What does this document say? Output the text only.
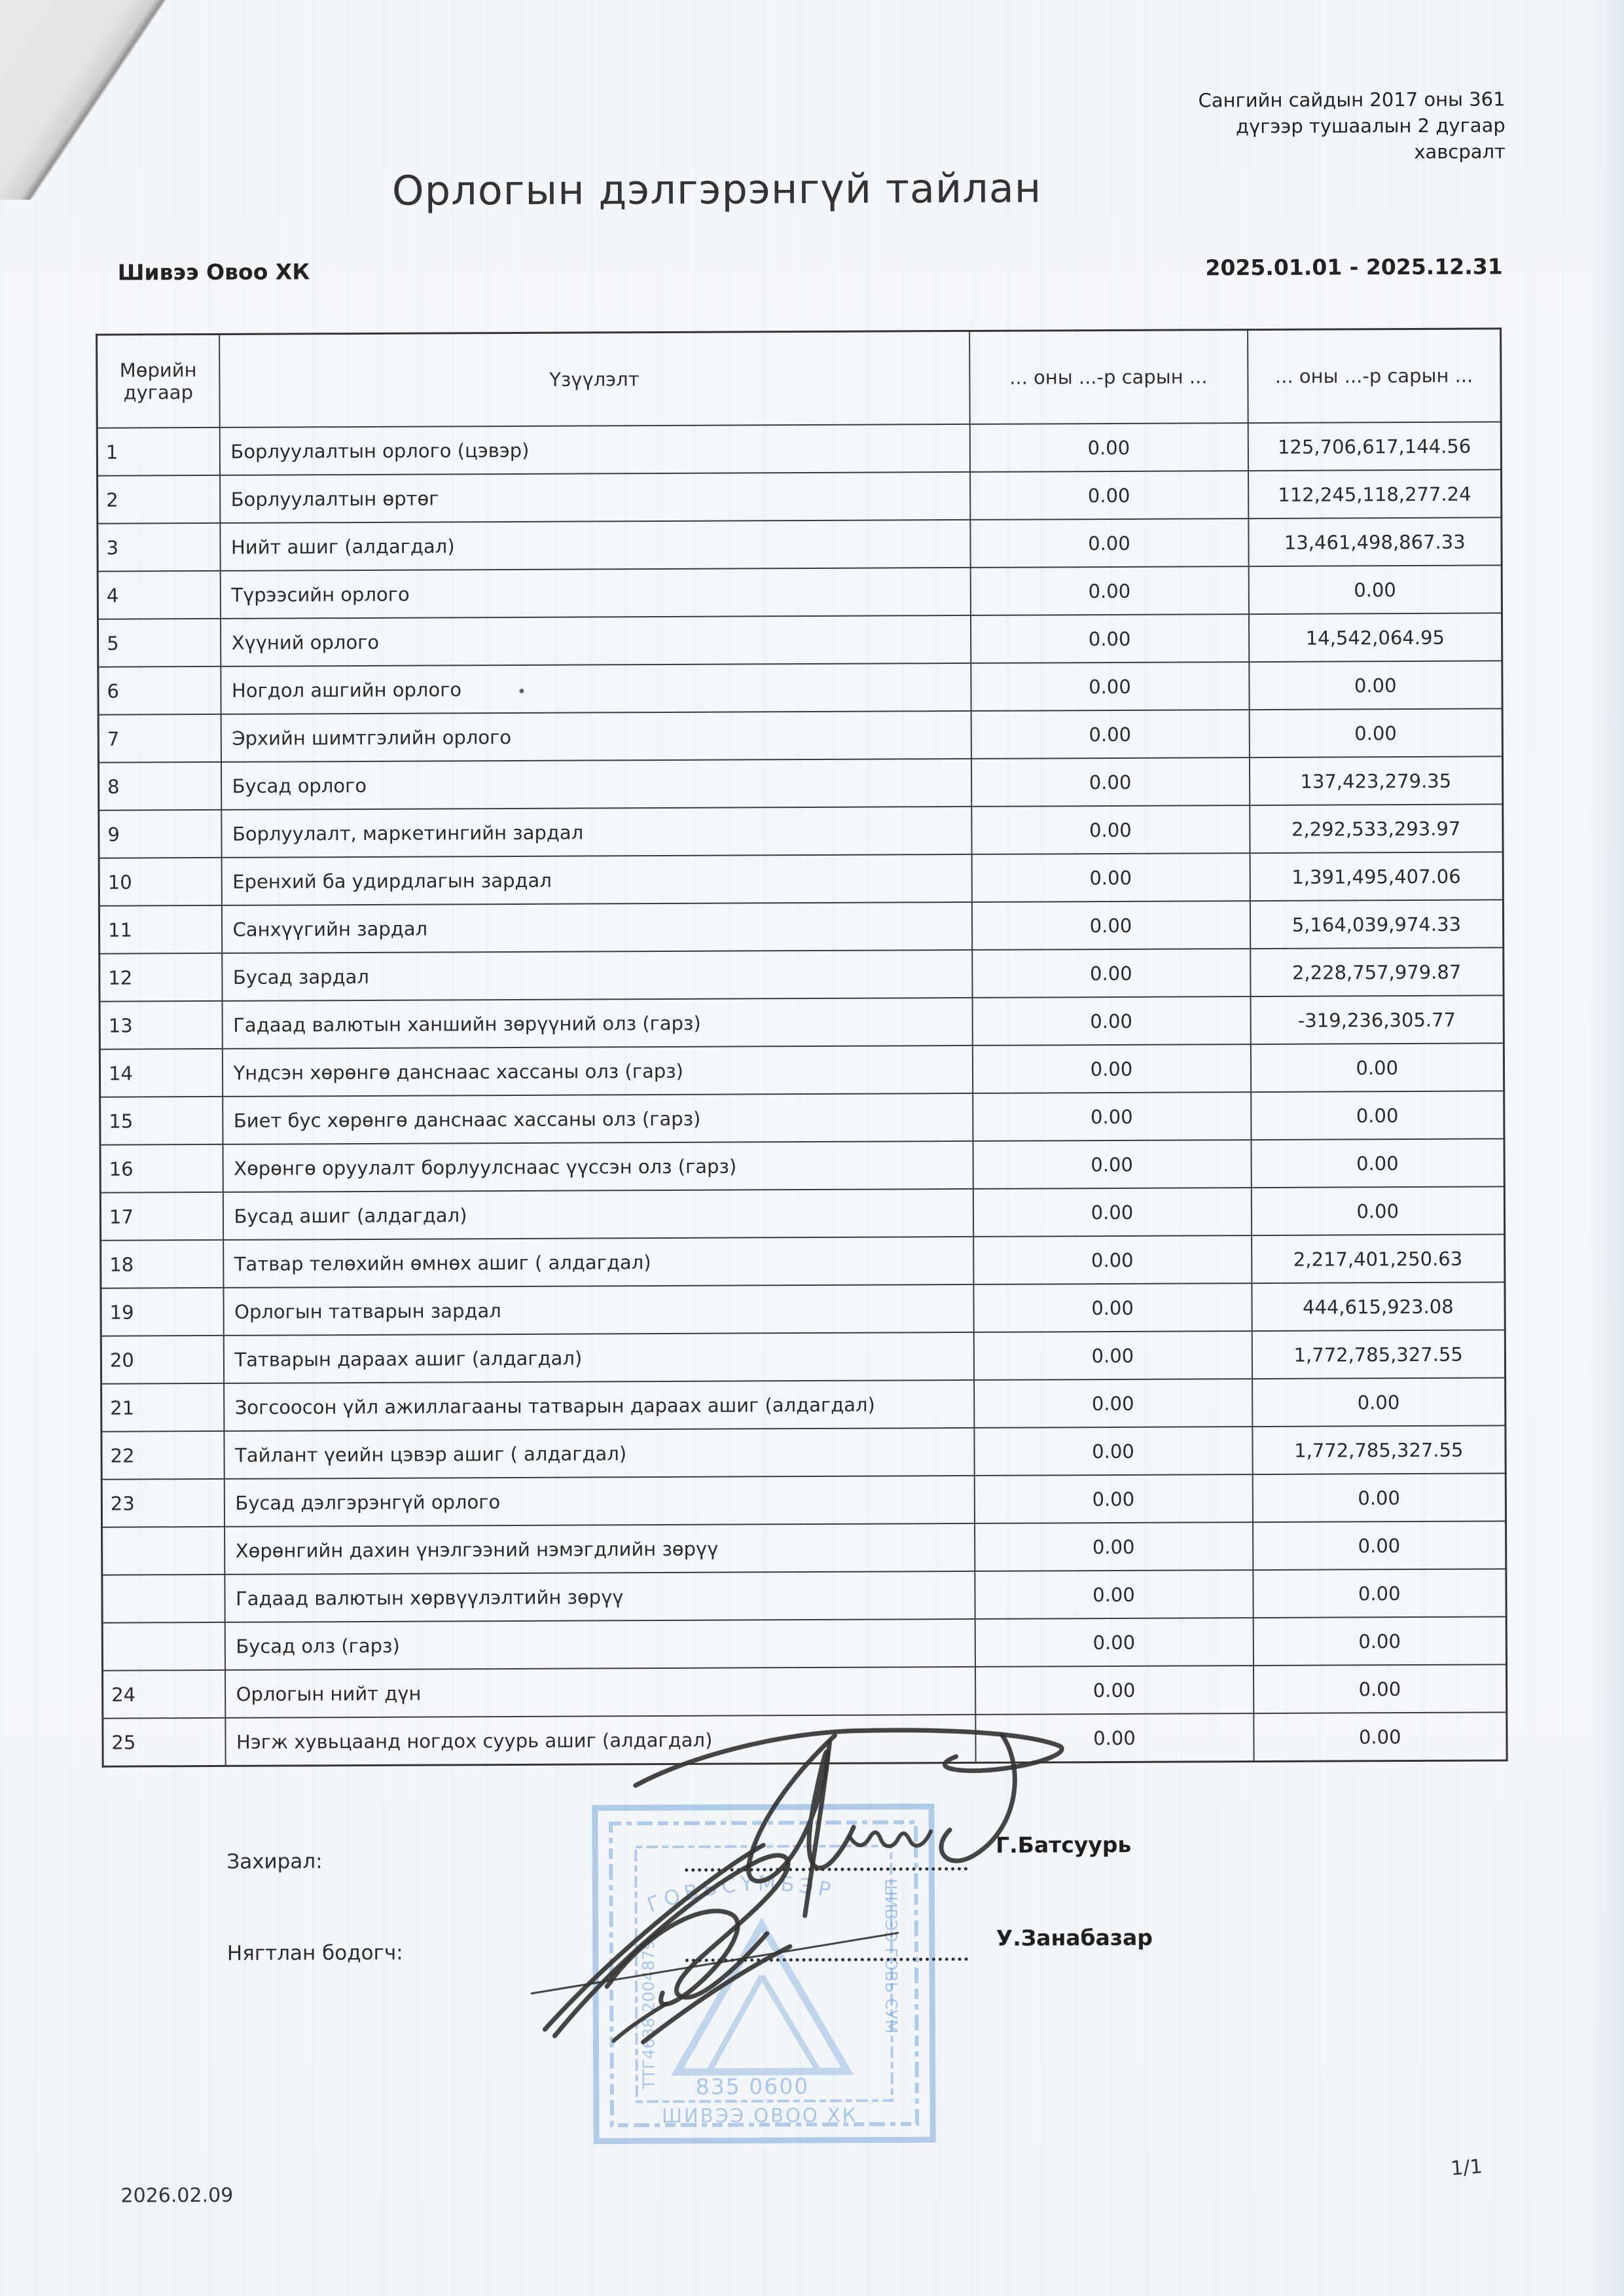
Сангийн сайдын 2017 оны 361
дүгээр тушаалын 2 дугаар
хавсралт
Орлогын дэлгэрэнгүй тайлан
Шивээ Овоо ХК	2025.01.01 - 2025.12.31
Мөрийн дугаар	Үзүүлэлт	... оны ...-р сарын ...	... оны ...-р сарын ...
1	Борлуулалтын орлого (цэвэр)	0.00	125,706,617,144.56
2	Борлуулалтын өртөг	0.00	112,245,118,277.24
3	Нийт ашиг (алдагдал)	0.00	13,461,498,867.33
4	Түрээсийн орлого	0.00	0.00
5	Хүүний орлого	0.00	14,542,064.95
6	Ногдол ашгийн орлого	0.00	0.00
7	Эрхийн шимтгэлийн орлого	0.00	0.00
8	Бусад орлого	0.00	137,423,279.35
9	Борлуулалт, маркетингийн зардал	0.00	2,292,533,293.97
10	Еренхий ба удирдлагын зардал	0.00	1,391,495,407.06
11	Санхүүгийн зардал	0.00	5,164,039,974.33
12	Бусад зардал	0.00	2,228,757,979.87
13	Гадаад валютын ханшийн зөрүүний олз (гарз)	0.00	-319,236,305.77
14	Үндсэн хөрөнгө данснаас хассаны олз (гарз)	0.00	0.00
15	Биет бус хөрөнгө данснаас хассаны олз (гарз)	0.00	0.00
16	Хөрөнгө оруулалт борлуулснаас үүссэн олз (гарз)	0.00	0.00
17	Бусад ашиг (алдагдал)	0.00	0.00
18	Татвар телөхийн өмнөх ашиг ( алдагдал)	0.00	2,217,401,250.63
19	Орлогын татварын зардал	0.00	444,615,923.08
20	Татварын дараах ашиг (алдагдал)	0.00	1,772,785,327.55
21	Зогсоосон үйл ажиллагааны татварын дараах ашиг (алдагдал)	0.00	0.00
22	Тайлант үеийн цэвэр ашиг ( алдагдал)	0.00	1,772,785,327.55
23	Бусад дэлгэрэнгүй орлого	0.00	0.00
	Хөрөнгийн дахин үнэлгээний нэмэгдлийн зөрүү	0.00	0.00
	Гадаад валютын хөрвүүлэлтийн зөрүү	0.00	0.00
	Бусад олз (гарз)	0.00	0.00
24	Орлогын нийт дүн	0.00	0.00
25	Нэгж хувьцаанд ногдох суурь ашиг (алдагдал)	0.00	0.00
ГОВЬСҮМБЭР
ТТГ4638 2004879	ШИВЭЭ ГОВЬ СУМ
835 0600
ШИВЭЭ ОВОО ХК
Захирал:
Нягтлан бодогч:
Г.Батсуурь
У.Занабазар
2026.02.09
1/1
